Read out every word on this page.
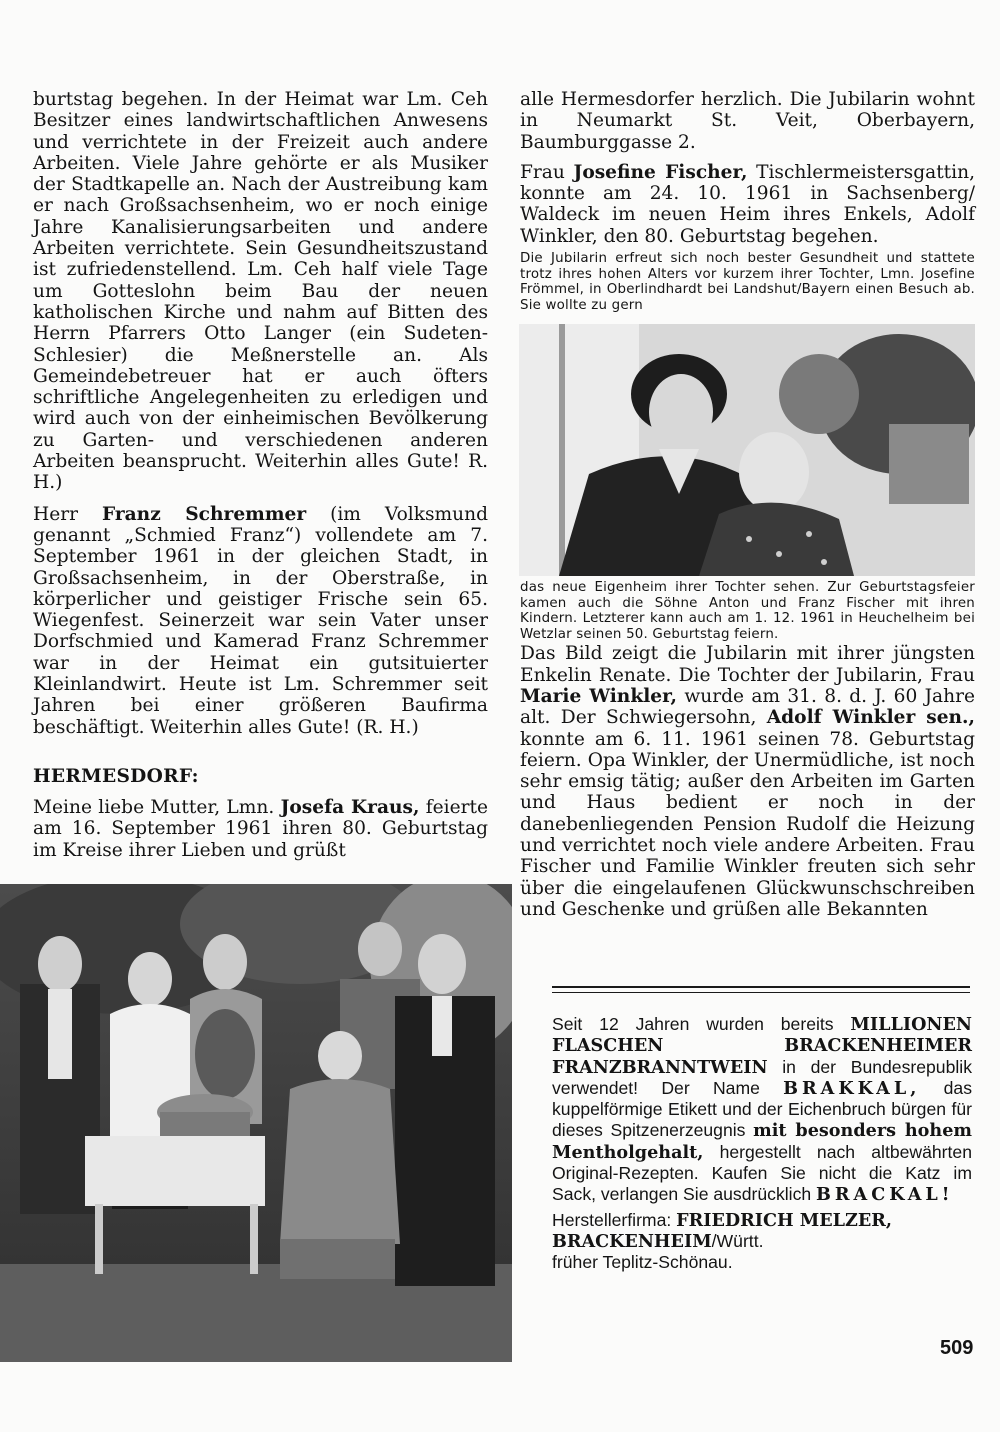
burtstag begehen. In der Heimat war Lm. Ceh Besitzer eines landwirtschaftlichen Anwesens und verrichtete in der Freizeit auch andere Arbeiten. Viele Jahre gehörte er als Musiker der Stadtkapelle an. Nach der Austreibung kam er nach Großsachsenheim, wo er noch einige Jahre Kanalisierungsarbeiten und andere Arbeiten verrichtete. Sein Gesundheitszustand ist zufriedenstellend. Lm. Ceh half viele Tage um Gotteslohn beim Bau der neuen katholischen Kirche und nahm auf Bitten des Herrn Pfarrers Otto Langer (ein Sudeten-Schlesier) die Meßnerstelle an. Als Gemeindebetreuer hat er auch öfters schriftliche Angelegenheiten zu erledigen und wird auch von der einheimischen Bevölkerung zu Garten- und verschiedenen anderen Arbeiten beansprucht. Weiterhin alles Gute! R. H.)

Herr Franz Schremmer (im Volksmund genannt „Schmied Franz“) vollendete am 7. September 1961 in der gleichen Stadt, in Großsachsenheim, in der Oberstraße, in körperlicher und geistiger Frische sein 65. Wiegenfest. Seinerzeit war sein Vater unser Dorfschmied und Kamerad Franz Schremmer war in der Heimat ein gutsituierter Kleinlandwirt. Heute ist Lm. Schremmer seit Jahren bei einer größeren Baufirma beschäftigt. Weiterhin alles Gute! (R. H.)

HERMESDORF:

Meine liebe Mutter, Lmn. Josefa Kraus, feierte am 16. September 1961 ihren 80. Geburtstag im Kreise ihrer Lieben und grüßt

alle Hermesdorfer herzlich. Die Jubilarin wohnt in Neumarkt St. Veit, Oberbayern, Baumburggasse 2.

Frau Josefine Fischer, Tischlermeistersgattin, konnte am 24. 10. 1961 in Sachsenberg/ Waldeck im neuen Heim ihres Enkels, Adolf Winkler, den 80. Geburtstag begehen.

Die Jubilarin erfreut sich noch bester Gesundheit und stattete trotz ihres hohen Alters vor kurzem ihrer Tochter, Lmn. Josefine Frömmel, in Oberlindhardt bei Landshut/Bayern einen Besuch ab. Sie wollte zu gern

das neue Eigenheim ihrer Tochter sehen. Zur Geburtstagsfeier kamen auch die Söhne Anton und Franz Fischer mit ihren Kindern. Letzterer kann auch am 1. 12. 1961 in Heuchelheim bei Wetzlar seinen 50. Geburtstag feiern.

Das Bild zeigt die Jubilarin mit ihrer jüngsten Enkelin Renate. Die Tochter der Jubilarin, Frau Marie Winkler, wurde am 31. 8. d. J. 60 Jahre alt. Der Schwiegersohn, Adolf Winkler sen., konnte am 6. 11. 1961 seinen 78. Geburtstag feiern. Opa Winkler, der Unermüdliche, ist noch sehr emsig tätig; außer den Arbeiten im Garten und Haus bedient er noch in der danebenliegenden Pension Rudolf die Heizung und verrichtet noch viele andere Arbeiten. Frau Fischer und Familie Winkler freuten sich sehr über die eingelaufenen Glückwunschschreiben und Geschenke und grüßen alle Bekannten

Seit 12 Jahren wurden bereits MILLIONEN FLASCHEN BRACKENHEIMER FRANZBRANNTWEIN in der Bundesrepublik verwendet! Der Name BRAKKAL, das kuppelförmige Etikett und der Eichenbruch bürgen für dieses Spitzenerzeugnis mit besonders hohem Mentholgehalt, hergestellt nach altbewährten Original-Rezepten. Kaufen Sie nicht die Katz im Sack, verlangen Sie ausdrücklich BRACKAL!

Herstellerfirma: FRIEDRICH MELZER,
BRACKENHEIM/Württ.
früher Teplitz-Schönau.

509
